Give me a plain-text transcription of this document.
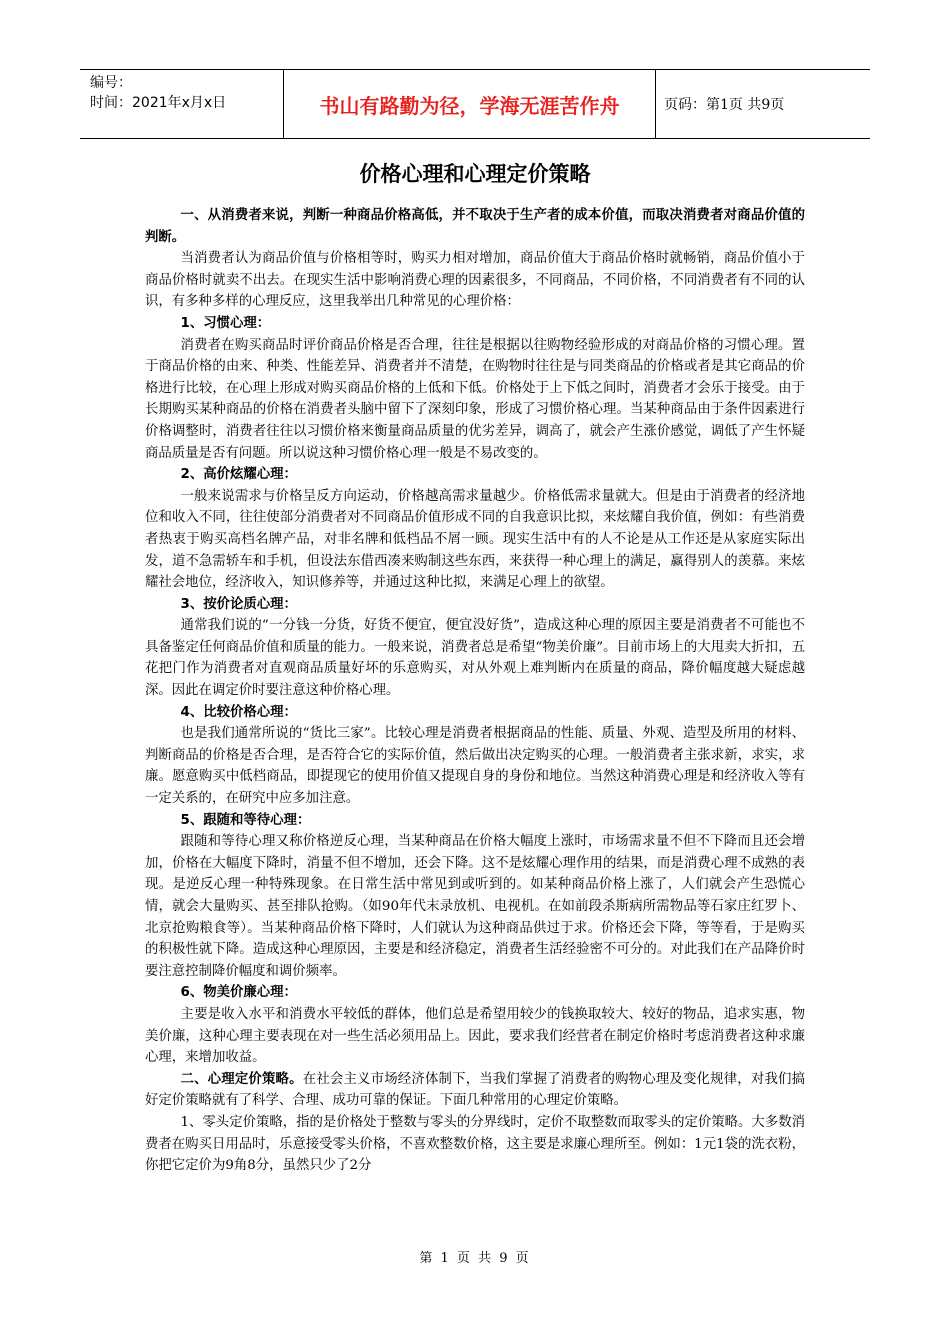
编号：
时间：2021年x月x日	书山有路勤为径，学海无涯苦作舟	页码：第1页 共9页
价格心理和心理定价策略

一、从消费者来说，判断一种商品价格高低，并不取决于生产者的成本价值，而取决消费者对商品价值的判断。

当消费者认为商品价值与价格相等时，购买力相对增加，商品价值大于商品价格时就畅销，商品价值小于商品价格时就卖不出去。在现实生活中影响消费心理的因素很多，不同商品，不同价格，不同消费者有不同的认识，有多种多样的心理反应，这里我举出几种常见的心理价格：

1、习惯心理：

消费者在购买商品时评价商品价格是否合理，往往是根据以往购物经验形成的对商品价格的习惯心理。置于商品价格的由来、种类、性能差异、消费者并不清楚，在购物时往往是与同类商品的价格或者是其它商品的价格进行比较，在心理上形成对购买商品价格的上低和下低。价格处于上下低之间时，消费者才会乐于接受。由于长期购买某种商品的价格在消费者头脑中留下了深刻印象，形成了习惯价格心理。当某种商品由于条件因素进行价格调整时，消费者往往以习惯价格来衡量商品质量的优劣差异，调高了，就会产生涨价感觉，调低了产生怀疑商品质量是否有问题。所以说这种习惯价格心理一般是不易改变的。

2、高价炫耀心理：

一般来说需求与价格呈反方向运动，价格越高需求量越少。价格低需求量就大。但是由于消费者的经济地位和收入不同，往往使部分消费者对不同商品价值形成不同的自我意识比拟，来炫耀自我价值，例如：有些消费者热衷于购买高档名牌产品，对非名牌和低档品不屑一顾。现实生活中有的人不论是从工作还是从家庭实际出发，道不急需轿车和手机，但设法东借西凑来购制这些东西，来获得一种心理上的满足，赢得别人的羡慕。来炫耀社会地位，经济收入，知识修养等，并通过这种比拟，来满足心理上的欲望。

3、按价论质心理：

通常我们说的“一分钱一分货，好货不便宜，便宜没好货”，造成这种心理的原因主要是消费者不可能也不具备鉴定任何商品价值和质量的能力。一般来说，消费者总是希望“物美价廉”。目前市场上的大甩卖大折扣，五花把门作为消费者对直观商品质量好坏的乐意购买，对从外观上难判断内在质量的商品，降价幅度越大疑虑越深。因此在调定价时要注意这种价格心理。

4、比较价格心理：

也是我们通常所说的“货比三家”。比较心理是消费者根据商品的性能、质量、外观、造型及所用的材料、判断商品的价格是否合理，是否符合它的实际价值，然后做出决定购买的心理。一般消费者主张求新，求实，求廉。愿意购买中低档商品，即提现它的使用价值又提现自身的身份和地位。当然这种消费心理是和经济收入等有一定关系的，在研究中应多加注意。

5、跟随和等待心理：

跟随和等待心理又称价格逆反心理，当某种商品在价格大幅度上涨时，市场需求量不但不下降而且还会增加，价格在大幅度下降时，消量不但不增加，还会下降。这不是炫耀心理作用的结果，而是消费心理不成熟的表现。是逆反心理一种特殊现象。在日常生活中常见到或听到的。如某种商品价格上涨了，人们就会产生恐慌心情，就会大量购买、甚至排队抢购。（如90年代末录放机、电视机。在如前段杀斯病所需物品等石家庄红罗卜、北京抢购粮食等）。当某种商品价格下降时，人们就认为这种商品供过于求。价格还会下降，等等看，于是购买的积极性就下降。造成这种心理原因，主要是和经济稳定，消费者生活经验密不可分的。对此我们在产品降价时要注意控制降价幅度和调价频率。

6、物美价廉心理：

主要是收入水平和消费水平较低的群体，他们总是希望用较少的钱换取较大、较好的物品，追求实惠，物美价廉，这种心理主要表现在对一些生活必须用品上。因此，要求我们经营者在制定价格时考虑消费者这种求廉心理，来增加收益。

二、心理定价策略。在社会主义市场经济体制下，当我们掌握了消费者的购物心理及变化规律，对我们搞好定价策略就有了科学、合理、成功可靠的保证。下面几种常用的心理定价策略。

1、零头定价策略，指的是价格处于整数与零头的分界线时，定价不取整数而取零头的定价策略。大多数消费者在购买日用品时，乐意接受零头价格，不喜欢整数价格，这主要是求廉心理所至。例如：1元1袋的洗衣粉，你把它定价为9角8分，虽然只少了2分

第 1 页 共 9 页
